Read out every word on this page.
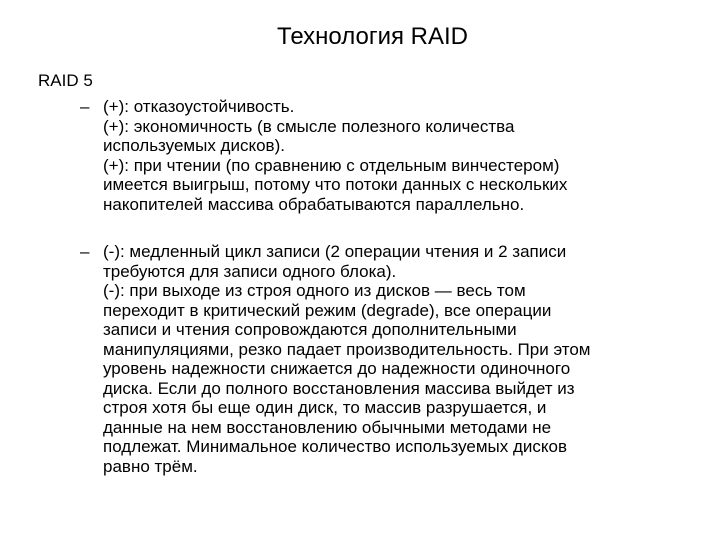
Технология RAID
RAID 5
– (+): отказоустойчивость.
(+): экономичность (в смысле полезного количества
используемых дисков).
(+): при чтении (по сравнению с отдельным винчестером)
имеется выигрыш, потому что потоки данных с нескольких
накопителей массива обрабатываются параллельно.
– (-): медленный цикл записи (2 операции чтения и 2 записи
требуются для записи одного блока).
(-): при выходе из строя одного из дисков — весь том
переходит в критический режим (degrade), все операции
записи и чтения сопровождаются дополнительными
манипуляциями, резко падает производительность. При этом
уровень надежности снижается до надежности одиночного
диска. Если до полного восстановления массива выйдет из
строя хотя бы еще один диск, то массив разрушается, и
данные на нем восстановлению обычными методами не
подлежат. Минимальное количество используемых дисков
равно трём.
